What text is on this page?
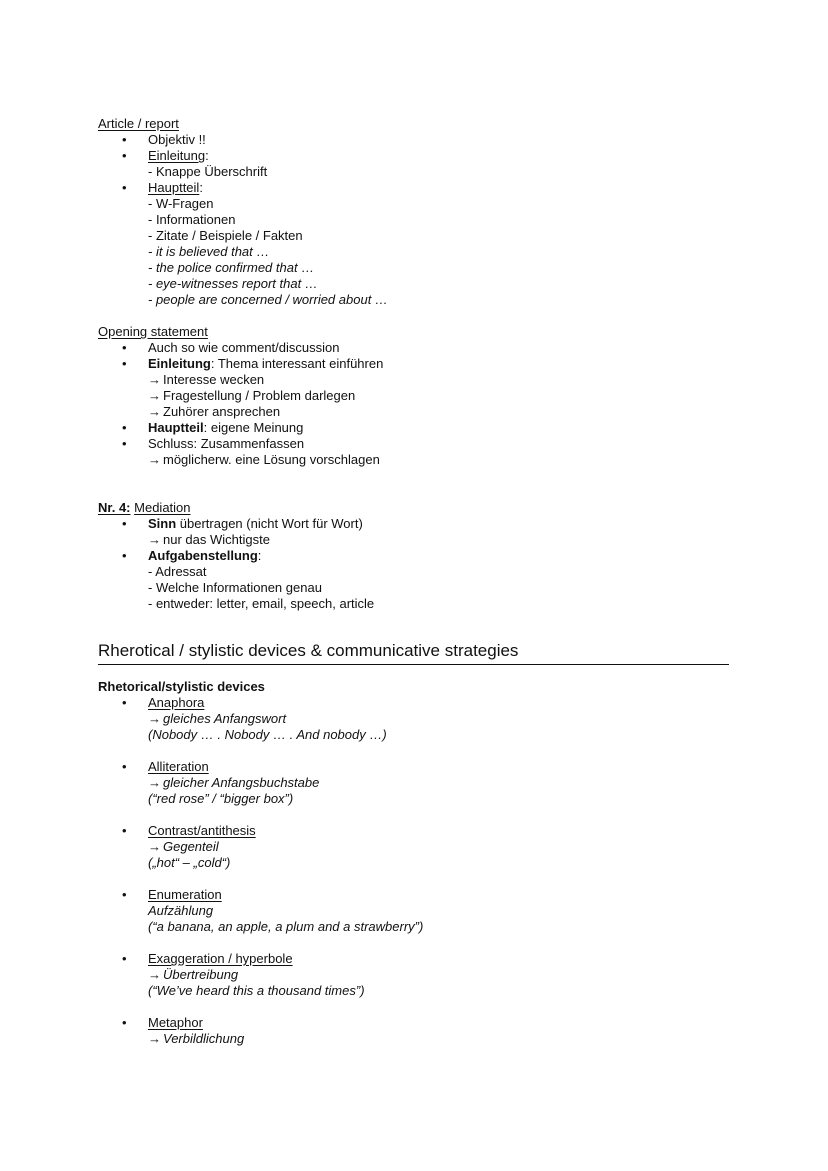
Article / report
• Objektiv !!
• Einleitung:
- Knappe Überschrift
• Hauptteil:
- W-Fragen
- Informationen
- Zitate / Beispiele / Fakten
- it is believed that …
- the police confirmed that …
- eye-witnesses report that …
- people are concerned / worried about …
Opening statement
• Auch so wie comment/discussion
• Einleitung: Thema interessant einführen
→ Interesse wecken
→ Fragestellung / Problem darlegen
→ Zuhörer ansprechen
• Hauptteil: eigene Meinung
• Schluss: Zusammenfassen
→ möglicherw. eine Lösung vorschlagen
Nr. 4: Mediation
• Sinn übertragen (nicht Wort für Wort)
→ nur das Wichtigste
• Aufgabenstellung:
- Adressat
- Welche Informationen genau
- entweder: letter, email, speech, article
Rherotical / stylistic devices & communicative strategies
Rhetorical/stylistic devices
• Anaphora
→ gleiches Anfangswort
(Nobody … . Nobody … . And nobody …)
• Alliteration
→ gleicher Anfangsbuchstabe
(“red rose” / “bigger box”)
• Contrast/antithesis
→ Gegenteil
(„hot“ – „cold“)
• Enumeration
Aufzählung
(“a banana, an apple, a plum and a strawberry”)
• Exaggeration / hyperbole
→ Übertreibung
(“We’ve heard this a thousand times”)
• Metaphor
→ Verbildlichung
